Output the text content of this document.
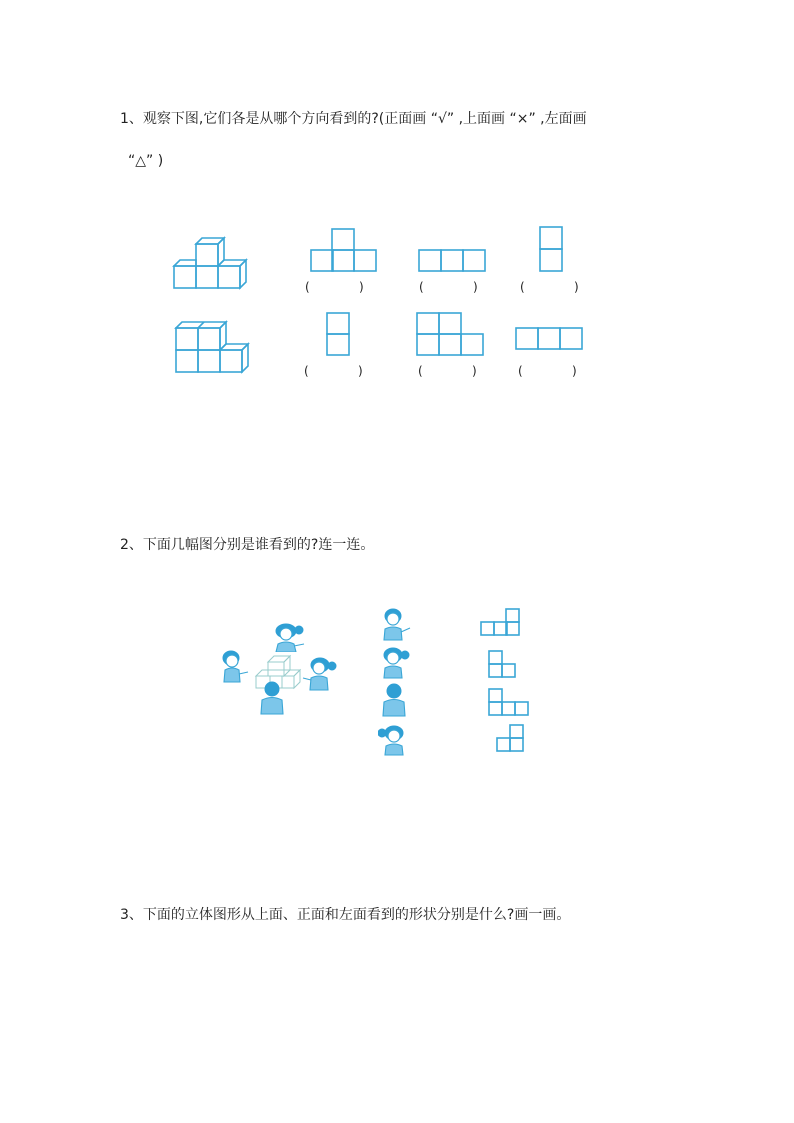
1、观察下图,它们各是从哪个方向看到的?(正面画 “√” ,上面画 “×” ,左面画
“△” )
(	)	(	)	(	)
(	)	(	)	(	)
2、下面几幅图分别是谁看到的?连一连。
3、下面的立体图形从上面、正面和左面看到的形状分别是什么?画一画。
